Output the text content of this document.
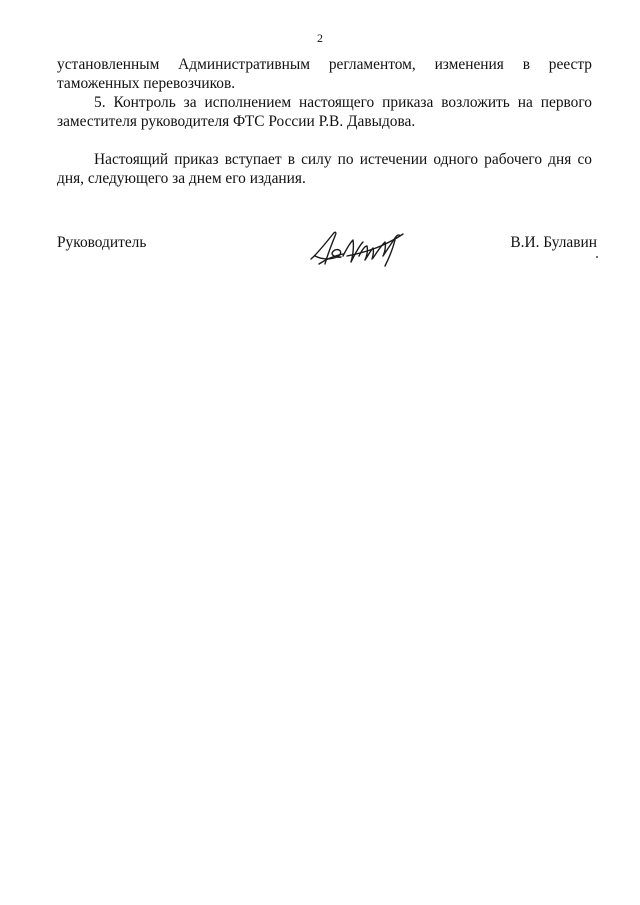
2

установленным Административным регламентом, изменения в реестр

таможенных перевозчиков.

5. Контроль за исполнением настоящего приказа возложить на первого заместителя руководителя ФТС России Р.В. Давыдова.

Настоящий приказ вступает в силу по истечении одного рабочего дня со дня, следующего за днем его издания.

Руководитель	В.И. Булавин
